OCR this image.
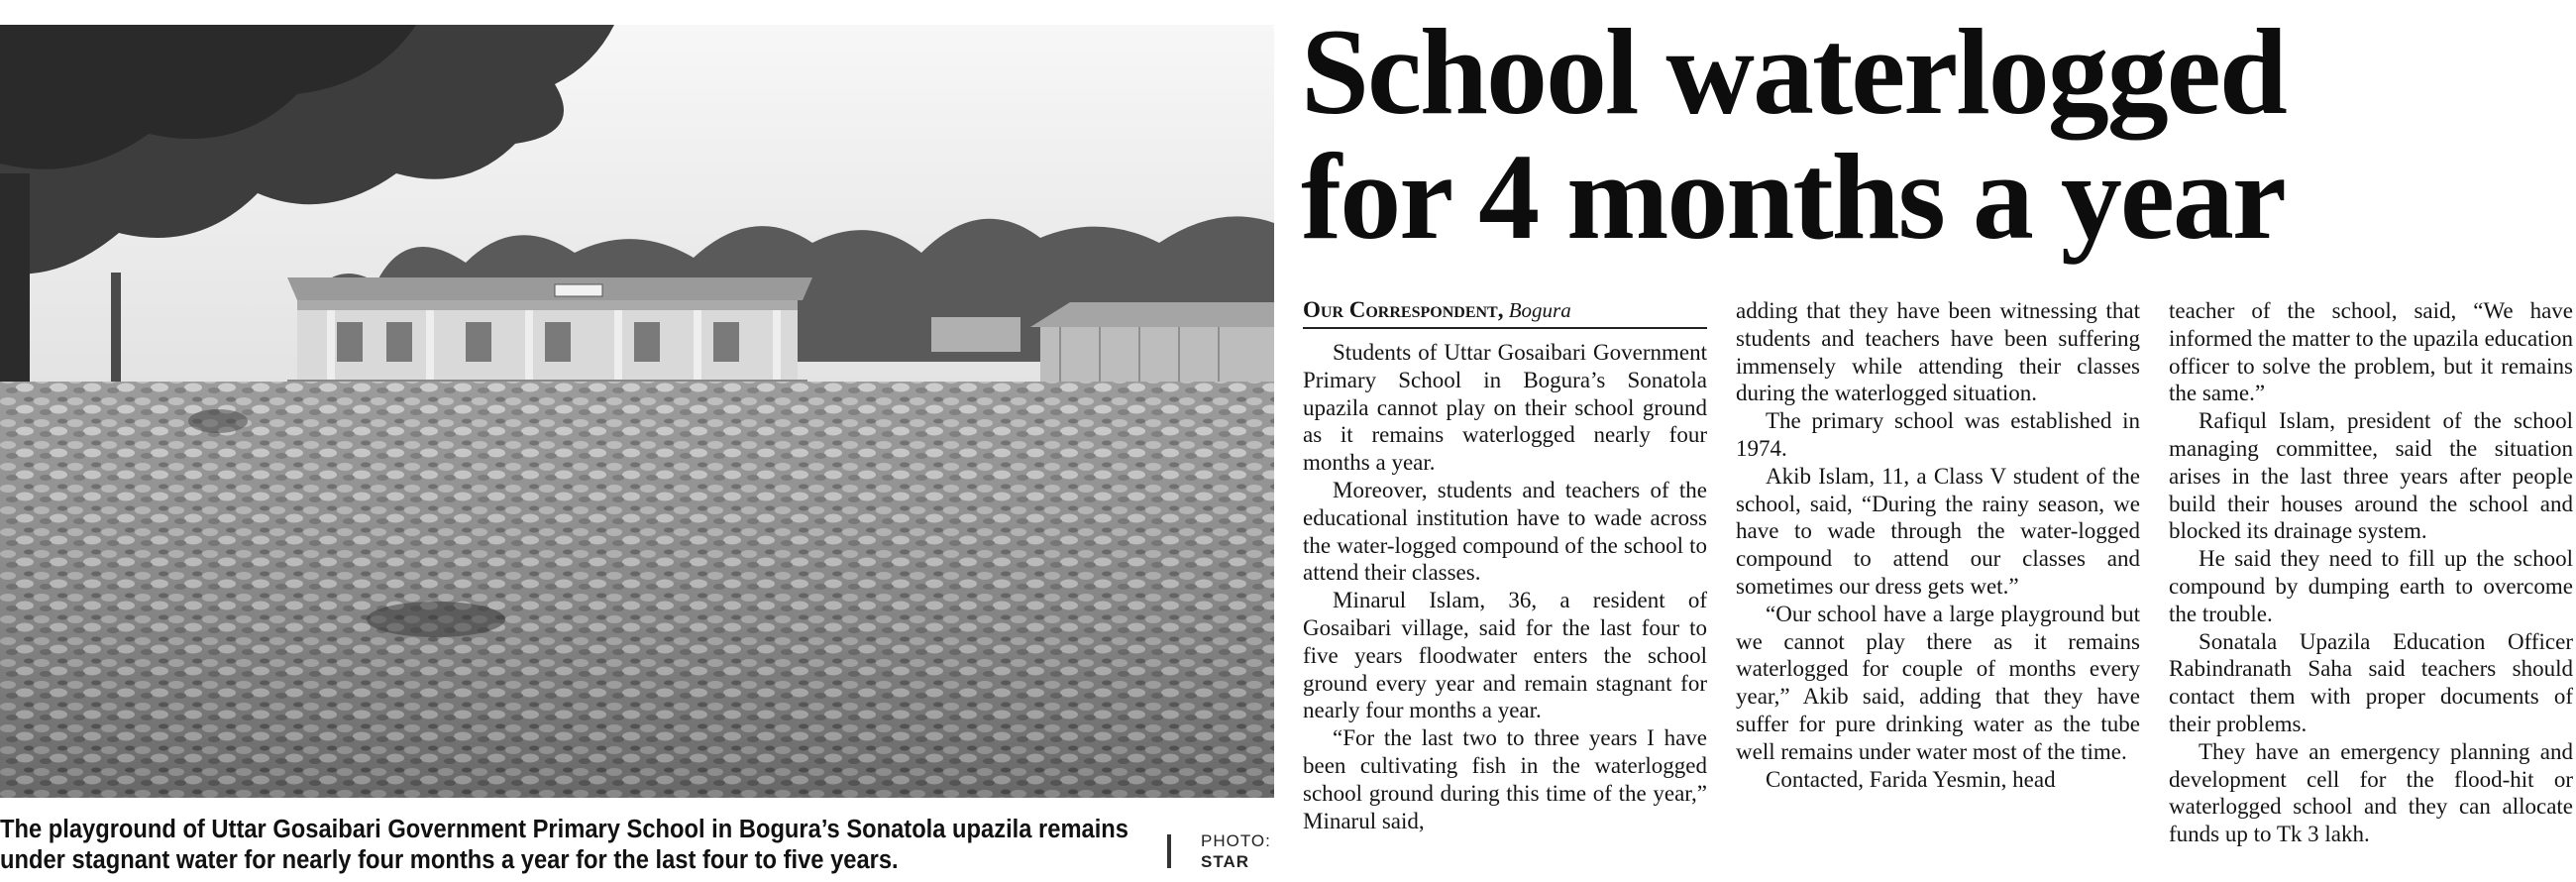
The playground of Uttar Gosaibari Government Primary School in Bogura’s Sonatola upazila remains
under stagnant water for nearly four months a year for the last four to five years.
PHOTO:
STAR
School waterlogged
for 4 months a year
Our Correspondent, Bogura

Students of Uttar Gosaibari Government Primary School in Bogura’s Sonatola upazila cannot play on their school ground as it remains waterlogged nearly four months a year.

Moreover, students and teachers of the educational institution have to wade across the water-logged compound of the school to attend their classes.

Minarul Islam, 36, a resident of Gosaibari village, said for the last four to five years floodwater enters the school ground every year and remain stagnant for nearly four months a year.

“For the last two to three years I have been cultivating fish in the waterlogged school ground during this time of the year,” Minarul said,

adding that they have been witnessing that students and teachers have been suffering immensely while attending their classes during the waterlogged situation.

The primary school was established in 1974.

Akib Islam, 11, a Class V student of the school, said, “During the rainy season, we have to wade through the water-logged compound to attend our classes and sometimes our dress gets wet.”

“Our school have a large playground but we cannot play there as it remains waterlogged for couple of months every year,” Akib said, adding that they have suffer for pure drinking water as the tube well remains under water most of the time.

Contacted, Farida Yesmin, head

teacher of the school, said, “We have informed the matter to the upazila education officer to solve the problem, but it remains the same.”

Rafiqul Islam, president of the school managing committee, said the situation arises in the last three years after people build their houses around the school and blocked its drainage system.

He said they need to fill up the school compound by dumping earth to overcome the trouble.

Sonatala Upazila Education Officer Rabindranath Saha said teachers should contact them with proper documents of their problems.

They have an emergency planning and development cell for the flood-hit or waterlogged school and they can allocate funds up to Tk 3 lakh.
